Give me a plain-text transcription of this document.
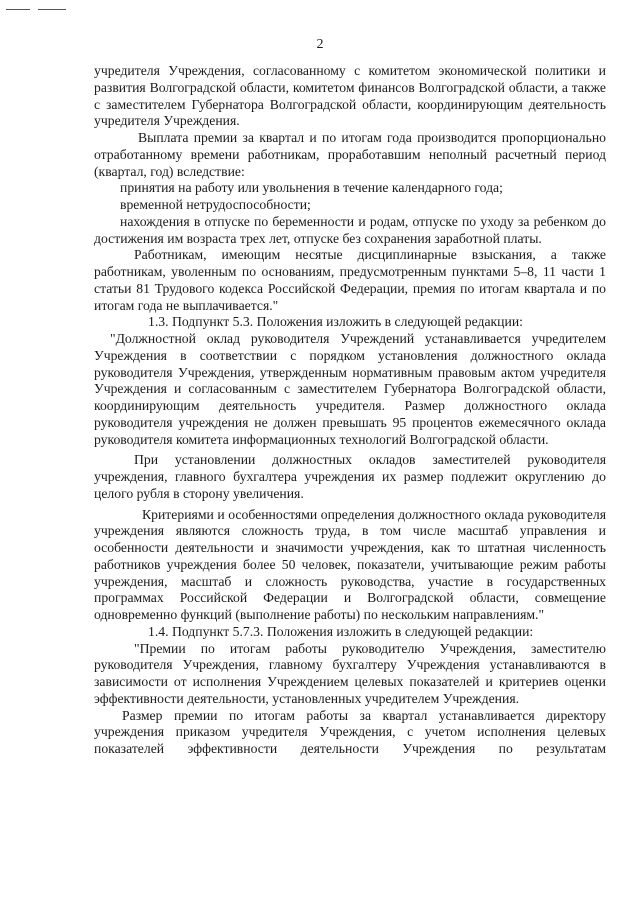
2

учредителя Учреждения, согласованному с комитетом экономической политики и развития Волгоградской области, комитетом финансов Волгоградской области, а также с заместителем Губернатора Волгоградской области, координирующим деятельность учредителя Учреждения.

Выплата премии за квартал и по итогам года производится пропорционально отработанному времени работникам, проработавшим неполный расчетный период (квартал, год) вследствие:

принятия на работу или увольнения в течение календарного года;

временной нетрудоспособности;

нахождения в отпуске по беременности и родам, отпуске по уходу за ребенком до достижения им возраста трех лет, отпуске без сохранения заработной платы.

Работникам, имеющим несятые дисциплинарные взыскания, а также работникам, уволенным по основаниям, предусмотренным пунктами 5–8, 11 части 1 статьи 81 Трудового кодекса Российской Федерации, премия по итогам квартала и по итогам года не выплачивается."

1.3. Подпункт 5.3. Положения изложить в следующей редакции:

"Должностной оклад руководителя Учреждений устанавливается учредителем Учреждения в соответствии с порядком установления должностного оклада руководителя Учреждения, утвержденным нормативным правовым актом учредителя Учреждения и согласованным с заместителем Губернатора Волгоградской области, координирующим деятельность учредителя. Размер должностного оклада руководителя учреждения не должен превышать 95 процентов ежемесячного оклада руководителя комитета информационных технологий Волгоградской области.

При установлении должностных окладов заместителей руководителя учреждения, главного бухгалтера учреждения их размер подлежит округлению до целого рубля в сторону увеличения.

Критериями и особенностями определения должностного оклада руководителя учреждения являются сложность труда, в том числе масштаб управления и особенности деятельности и значимости учреждения, как то штатная численность работников учреждения более 50 человек, показатели, учитывающие режим работы учреждения, масштаб и сложность руководства, участие в государственных программах Российской Федерации и Волгоградской области, совмещение одновременно функций (выполнение работы) по нескольким направлениям."

1.4. Подпункт 5.7.3. Положения изложить в следующей редакции:

"Премии по итогам работы руководителю Учреждения, заместителю руководителя Учреждения, главному бухгалтеру Учреждения устанавливаются в зависимости от исполнения Учреждением целевых показателей и критериев оценки эффективности деятельности, установленных учредителем Учреждения.

Размер премии по итогам работы за квартал устанавливается директору учреждения приказом учредителя Учреждения, с учетом исполнения целевых показателей эффективности деятельности Учреждения по результатам
